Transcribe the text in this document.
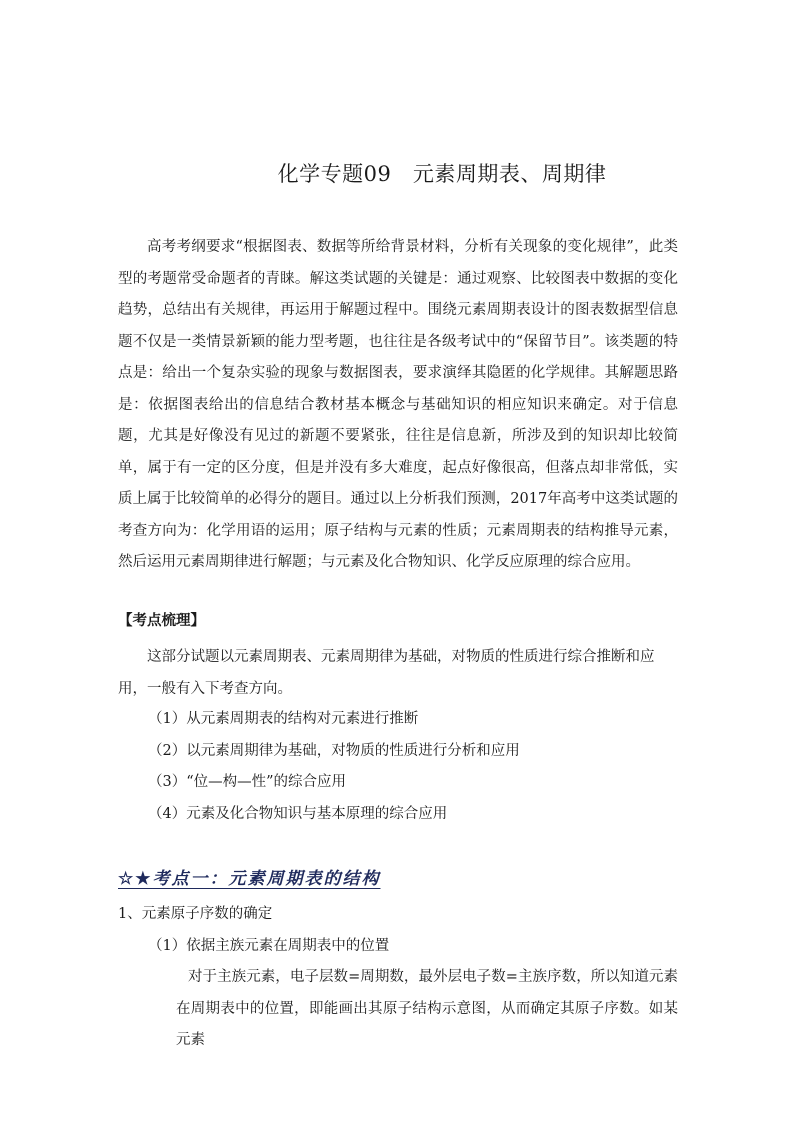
化学专题09　元素周期表、周期律

高考考纲要求“根据图表、数据等所给背景材料，分析有关现象的变化规律”，此类型的考题常受命题者的青睐。解这类试题的关键是：通过观察、比较图表中数据的变化趋势，总结出有关规律，再运用于解题过程中。围绕元素周期表设计的图表数据型信息题不仅是一类情景新颖的能力型考题，也往往是各级考试中的“保留节目”。该类题的特点是：给出一个复杂实验的现象与数据图表，要求演绎其隐匿的化学规律。其解题思路是：依据图表给出的信息结合教材基本概念与基础知识的相应知识来确定。对于信息题，尤其是好像没有见过的新题不要紧张，往往是信息新，所涉及到的知识却比较简单，属于有一定的区分度，但是并没有多大难度，起点好像很高，但落点却非常低，实质上属于比较简单的必得分的题目。通过以上分析我们预测，2017年高考中这类试题的考查方向为：化学用语的运用；原子结构与元素的性质；元素周期表的结构推导元素，然后运用元素周期律进行解题；与元素及化合物知识、化学反应原理的综合应用。

【考点梳理】

这部分试题以元素周期表、元素周期律为基础，对物质的性质进行综合推断和应用，一般有入下考查方向。

（1）从元素周期表的结构对元素进行推断
（2）以元素周期律为基础，对物质的性质进行分析和应用
（3）“位—构—性”的综合应用
（4）元素及化合物知识与基本原理的综合应用
☆★考点一：元素周期表的结构
1、元素原子序数的确定
（1）依据主族元素在周期表中的位置

对于主族元素，电子层数=周期数，最外层电子数=主族序数，所以知道元素在周期表中的位置，即能画出其原子结构示意图，从而确定其原子序数。如某元素
